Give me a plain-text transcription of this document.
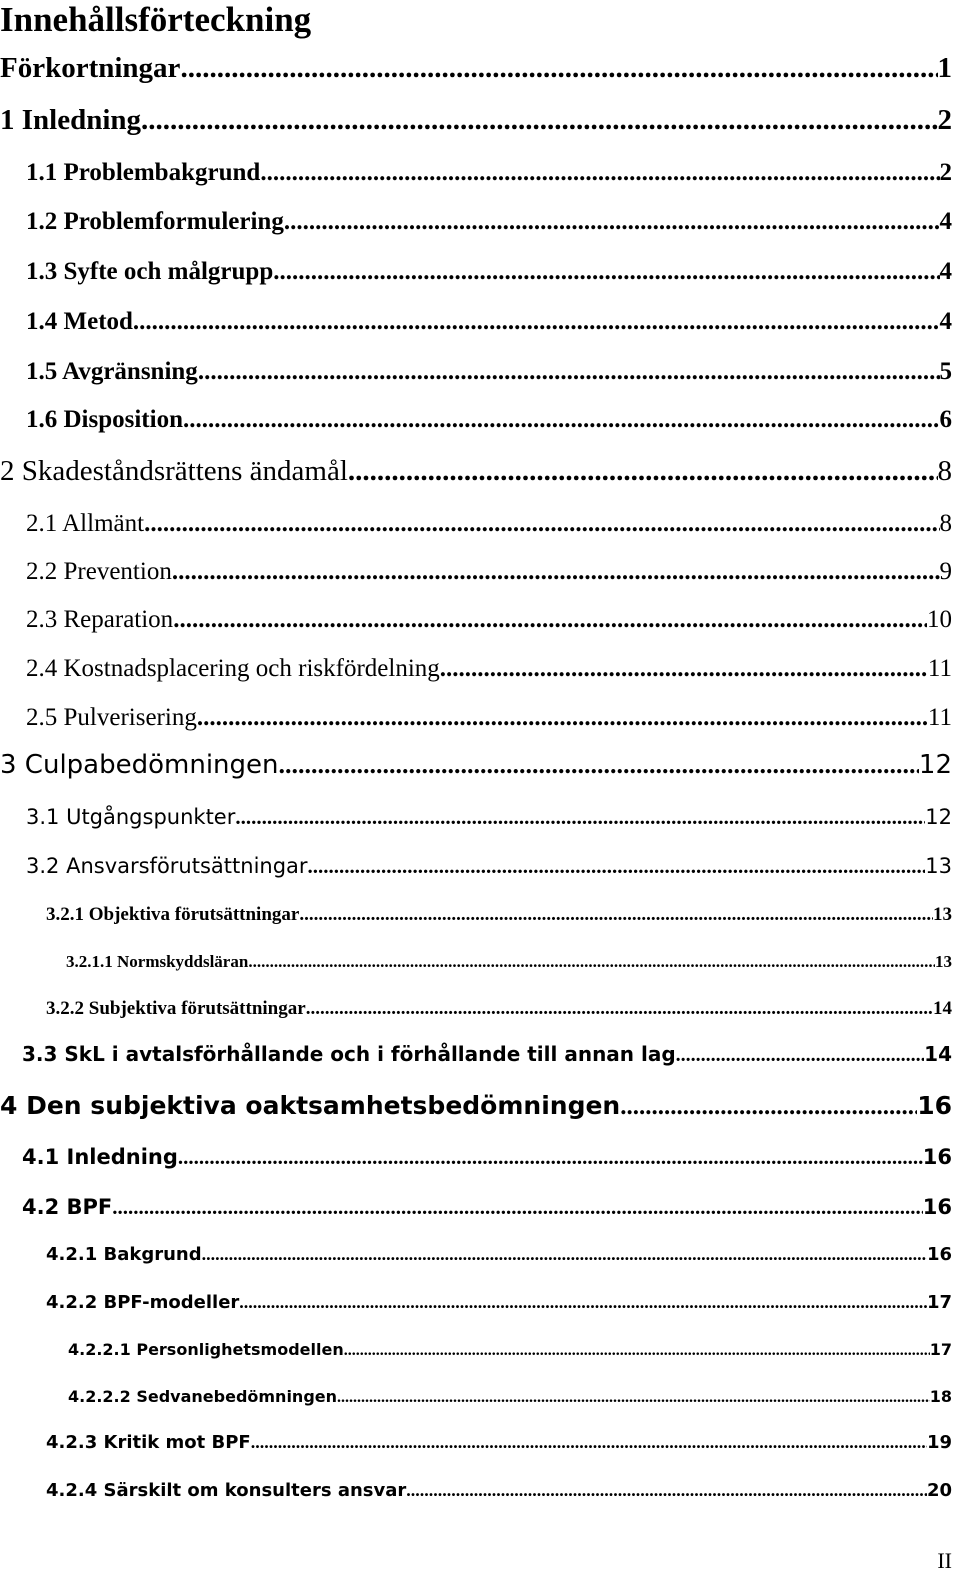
Innehållsförteckning
Förkortningar .....	1
1 Inledning .....	2
1.1 Problembakgrund .....	2
1.2 Problemformulering .....	4
1.3 Syfte och målgrupp .....	4
1.4 Metod .....	4
1.5 Avgränsning .....	5
1.6 Disposition .....	6
2 Skadeståndsrättens ändamål .....	8
2.1 Allmänt .....	8
2.2 Prevention .....	9
2.3 Reparation .....	10
2.4 Kostnadsplacering och riskfördelning .....	11
2.5 Pulverisering .....	11
3 Culpabedömningen .....	12
3.1 Utgångspunkter .....	12
3.2 Ansvarsförutsättningar .....	13
3.2.1 Objektiva förutsättningar .....	13
3.2.1.1 Normskyddsläran .....	13
3.2.2 Subjektiva förutsättningar .....	14
3.3 SkL i avtalsförhållande och i förhållande till annan lag .....	14
4 Den subjektiva oaktsamhetsbedömningen .....	16
4.1 Inledning .....	16
4.2 BPF .....	16
4.2.1 Bakgrund .....	16
4.2.2 BPF-modeller .....	17
4.2.2.1 Personlighetsmodellen .....	17
4.2.2.2 Sedvanebedömningen .....	18
4.2.3 Kritik mot BPF .....	19
4.2.4 Särskilt om konsulters ansvar .....	20
II
